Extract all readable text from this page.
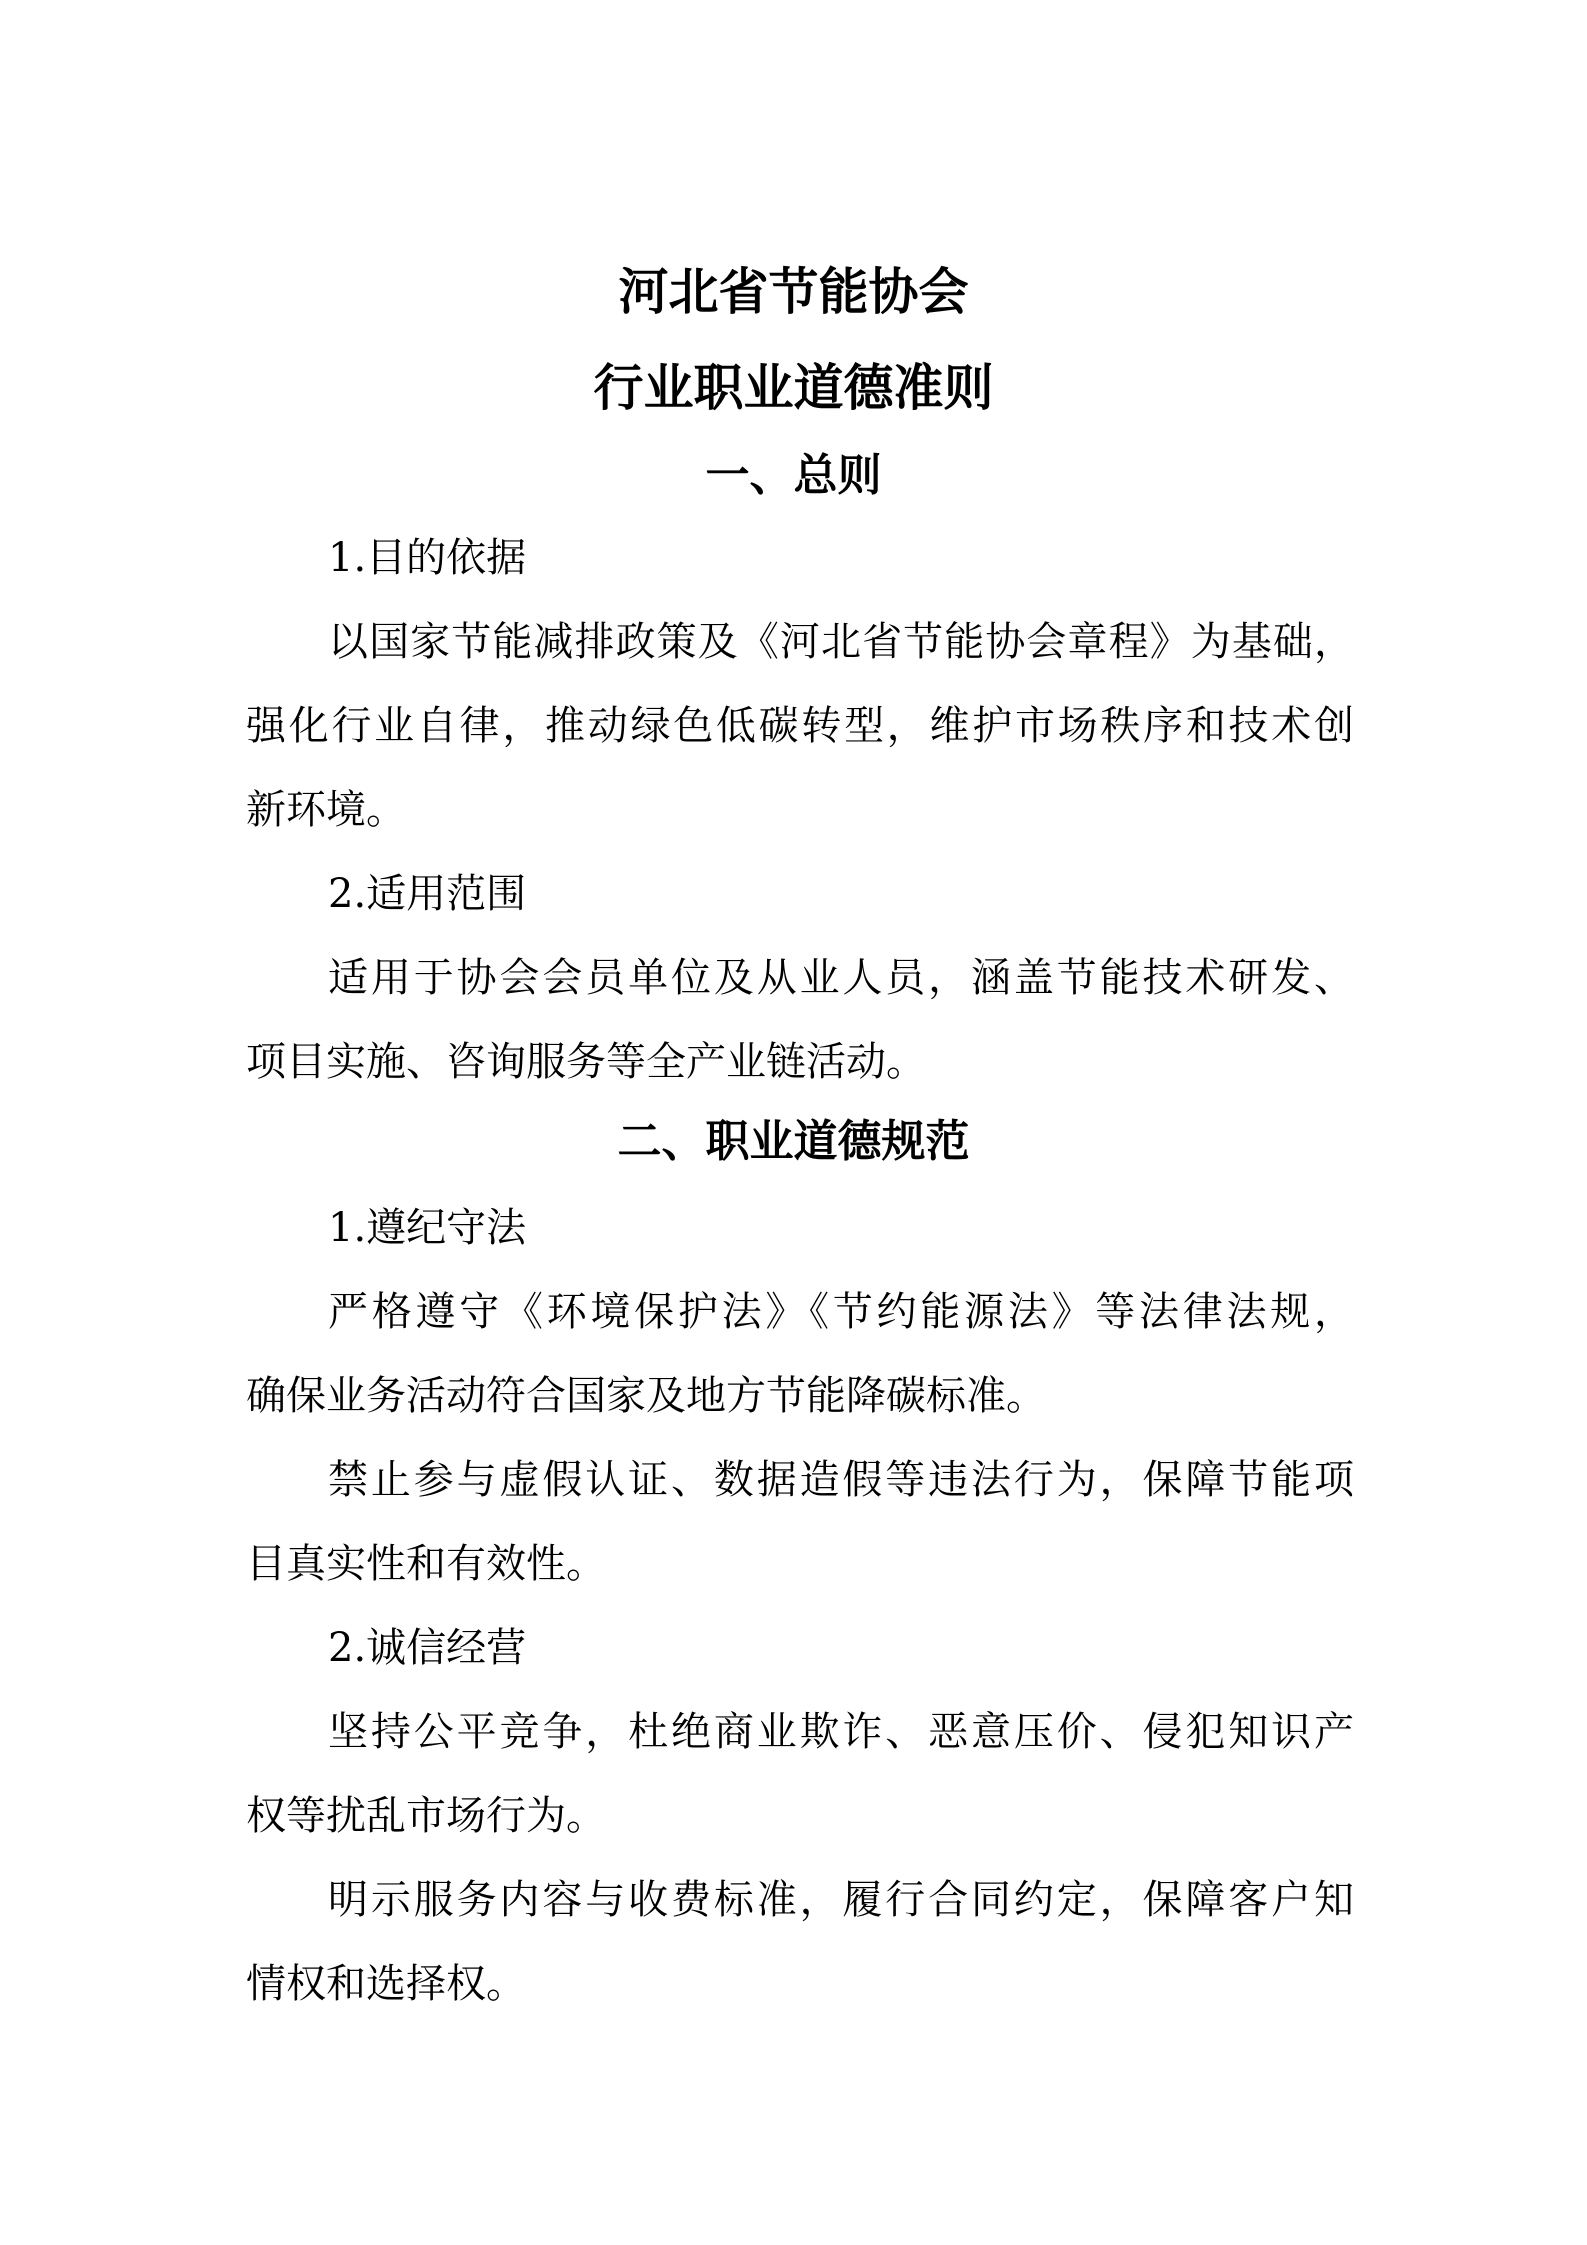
河北省节能协会
行业职业道德准则
一、总则
1.目的依据
以国家节能减排政策及《河北省节能协会章程》为基础，
强化行业自律，推动绿色低碳转型，维护市场秩序和技术创
新环境。
2.适用范围
适用于协会会员单位及从业人员，涵盖节能技术研发、
项目实施、咨询服务等全产业链活动。
二、职业道德规范
1.遵纪守法
严格遵守《环境保护法》《节约能源法》等法律法规，
确保业务活动符合国家及地方节能降碳标准。
禁止参与虚假认证、数据造假等违法行为，保障节能项
目真实性和有效性。
2.诚信经营
坚持公平竞争，杜绝商业欺诈、恶意压价、侵犯知识产
权等扰乱市场行为。
明示服务内容与收费标准，履行合同约定，保障客户知
情权和选择权。
